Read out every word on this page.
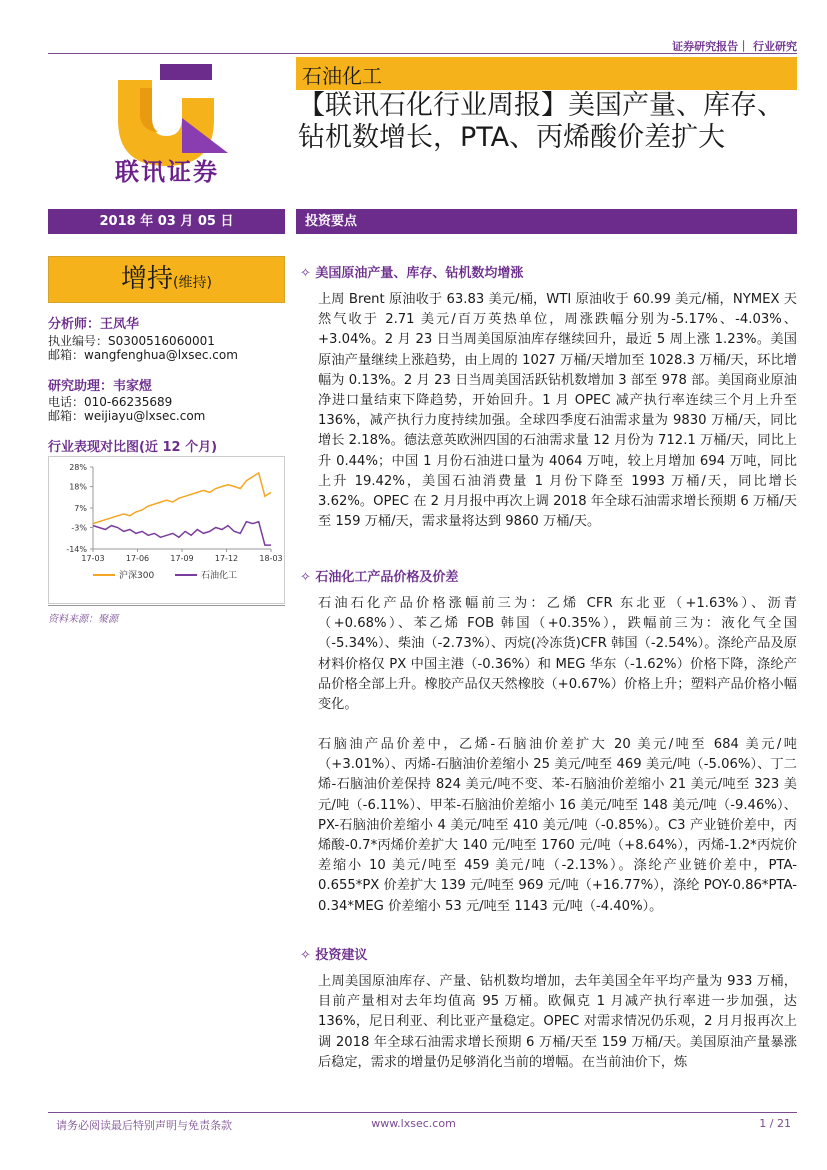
证券研究报告｜ 行业研究
联讯证券
石油化工
【联讯石化行业周报】美国产量、库存、钻机数增长，PTA、丙烯酸价差扩大
2018 年 03 月 05 日	投资要点
增持(维持)
分析师：王凤华
执业编号：S0300516060001
邮箱：wangfenghua@lxsec.com
研究助理：韦家煜
电话：010-66235689
邮箱：weijiayu@lxsec.com
行业表现对比图(近 12 个月)
28%
18%
7%
-3%
-14%
17-03	17-06	17-09	17-12	18-03
沪深300	石油化工
资料来源：聚源
✧ 美国原油产量、库存、钻机数均增涨
上周 Brent 原油收于 63.83 美元/桶，WTI 原油收于 60.99 美元/桶，NYMEX 天然气收于 2.71 美元/百万英热单位，周涨跌幅分别为-5.17%、-4.03%、+3.04%。2 月 23 日当周美国原油库存继续回升，最近 5 周上涨 1.23%。美国原油产量继续上涨趋势，由上周的 1027 万桶/天增加至 1028.3 万桶/天，环比增幅为 0.13%。2 月 23 日当周美国活跃钻机数增加 3 部至 978 部。美国商业原油净进口量结束下降趋势，开始回升。1 月 OPEC 减产执行率连续三个月上升至 136%，减产执行力度持续加强。全球四季度石油需求量为 9830 万桶/天，同比增长 2.18%。德法意英欧洲四国的石油需求量 12 月份为 712.1 万桶/天，同比上升 0.44%；中国 1 月份石油进口量为 4064 万吨，较上月增加 694 万吨，同比上升 19.42%，美国石油消费量 1 月份下降至 1993 万桶/天，同比增长 3.62%。OPEC 在 2 月月报中再次上调 2018 年全球石油需求增长预期 6 万桶/天至 159 万桶/天，需求量将达到 9860 万桶/天。
✧ 石油化工产品价格及价差
石油石化产品价格涨幅前三为：乙烯 CFR 东北亚（+1.63%）、沥青（+0.68%）、苯乙烯 FOB 韩国（+0.35%），跌幅前三为：液化气全国（-5.34%）、柴油（-2.73%）、丙烷(冷冻货)CFR 韩国（-2.54%）。涤纶产品及原材料价格仅 PX 中国主港（-0.36%）和 MEG 华东（-1.62%）价格下降，涤纶产品价格全部上升。橡胶产品仅天然橡胶（+0.67%）价格上升；塑料产品价格小幅变化。
石脑油产品价差中，乙烯-石脑油价差扩大 20 美元/吨至 684 美元/吨（+3.01%）、丙烯-石脑油价差缩小 25 美元/吨至 469 美元/吨（-5.06%）、丁二烯-石脑油价差保持 824 美元/吨不变、苯-石脑油价差缩小 21 美元/吨至 323 美元/吨（-6.11%）、甲苯-石脑油价差缩小 16 美元/吨至 148 美元/吨（-9.46%）、PX-石脑油价差缩小 4 美元/吨至 410 美元/吨（-0.85%）。C3 产业链价差中，丙烯酸-0.7*丙烯价差扩大 140 元/吨至 1760 元/吨（+8.64%），丙烯-1.2*丙烷价差缩小 10 美元/吨至 459 美元/吨（-2.13%）。涤纶产业链价差中，PTA-0.655*PX 价差扩大 139 元/吨至 969 元/吨（+16.77%），涤纶 POY-0.86*PTA-0.34*MEG 价差缩小 53 元/吨至 1143 元/吨（-4.40%）。
✧ 投资建议
上周美国原油库存、产量、钻机数均增加，去年美国全年平均产量为 933 万桶，目前产量相对去年均值高 95 万桶。欧佩克 1 月减产执行率进一步加强，达 136%，尼日利亚、利比亚产量稳定。OPEC 对需求情况仍乐观，2 月月报再次上调 2018 年全球石油需求增长预期 6 万桶/天至 159 万桶/天。美国原油产量暴涨后稳定，需求的增量仍足够消化当前的增幅。在当前油价下，炼
请务必阅读最后特别声明与免责条款	www.lxsec.com	1 / 21
